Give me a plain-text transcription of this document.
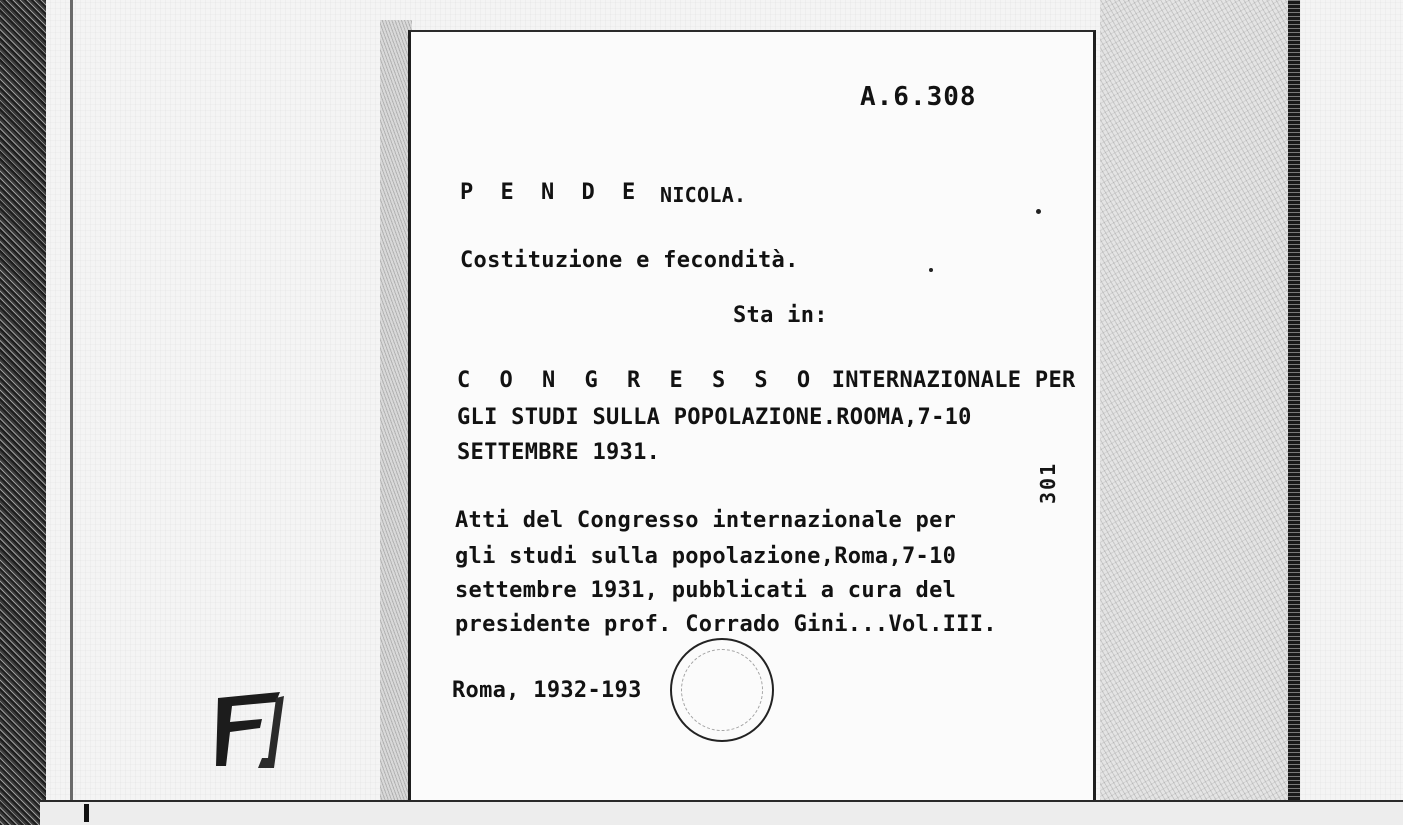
A.6.308
P E N D E NICOLA.
Costituzione e fecondità.
Sta in:
C O N G R E S S O INTERNAZIONALE PER
GLI STUDI SULLA POPOLAZIONE.ROOMA,7-10
SETTEMBRE 1931.
301
Atti del Congresso internazionale per
gli studi sulla popolazione,Roma,7-10
settembre 1931, pubblicati a cura del
presidente prof. Corrado Gini...Vol.III.
Roma, 1932-193
